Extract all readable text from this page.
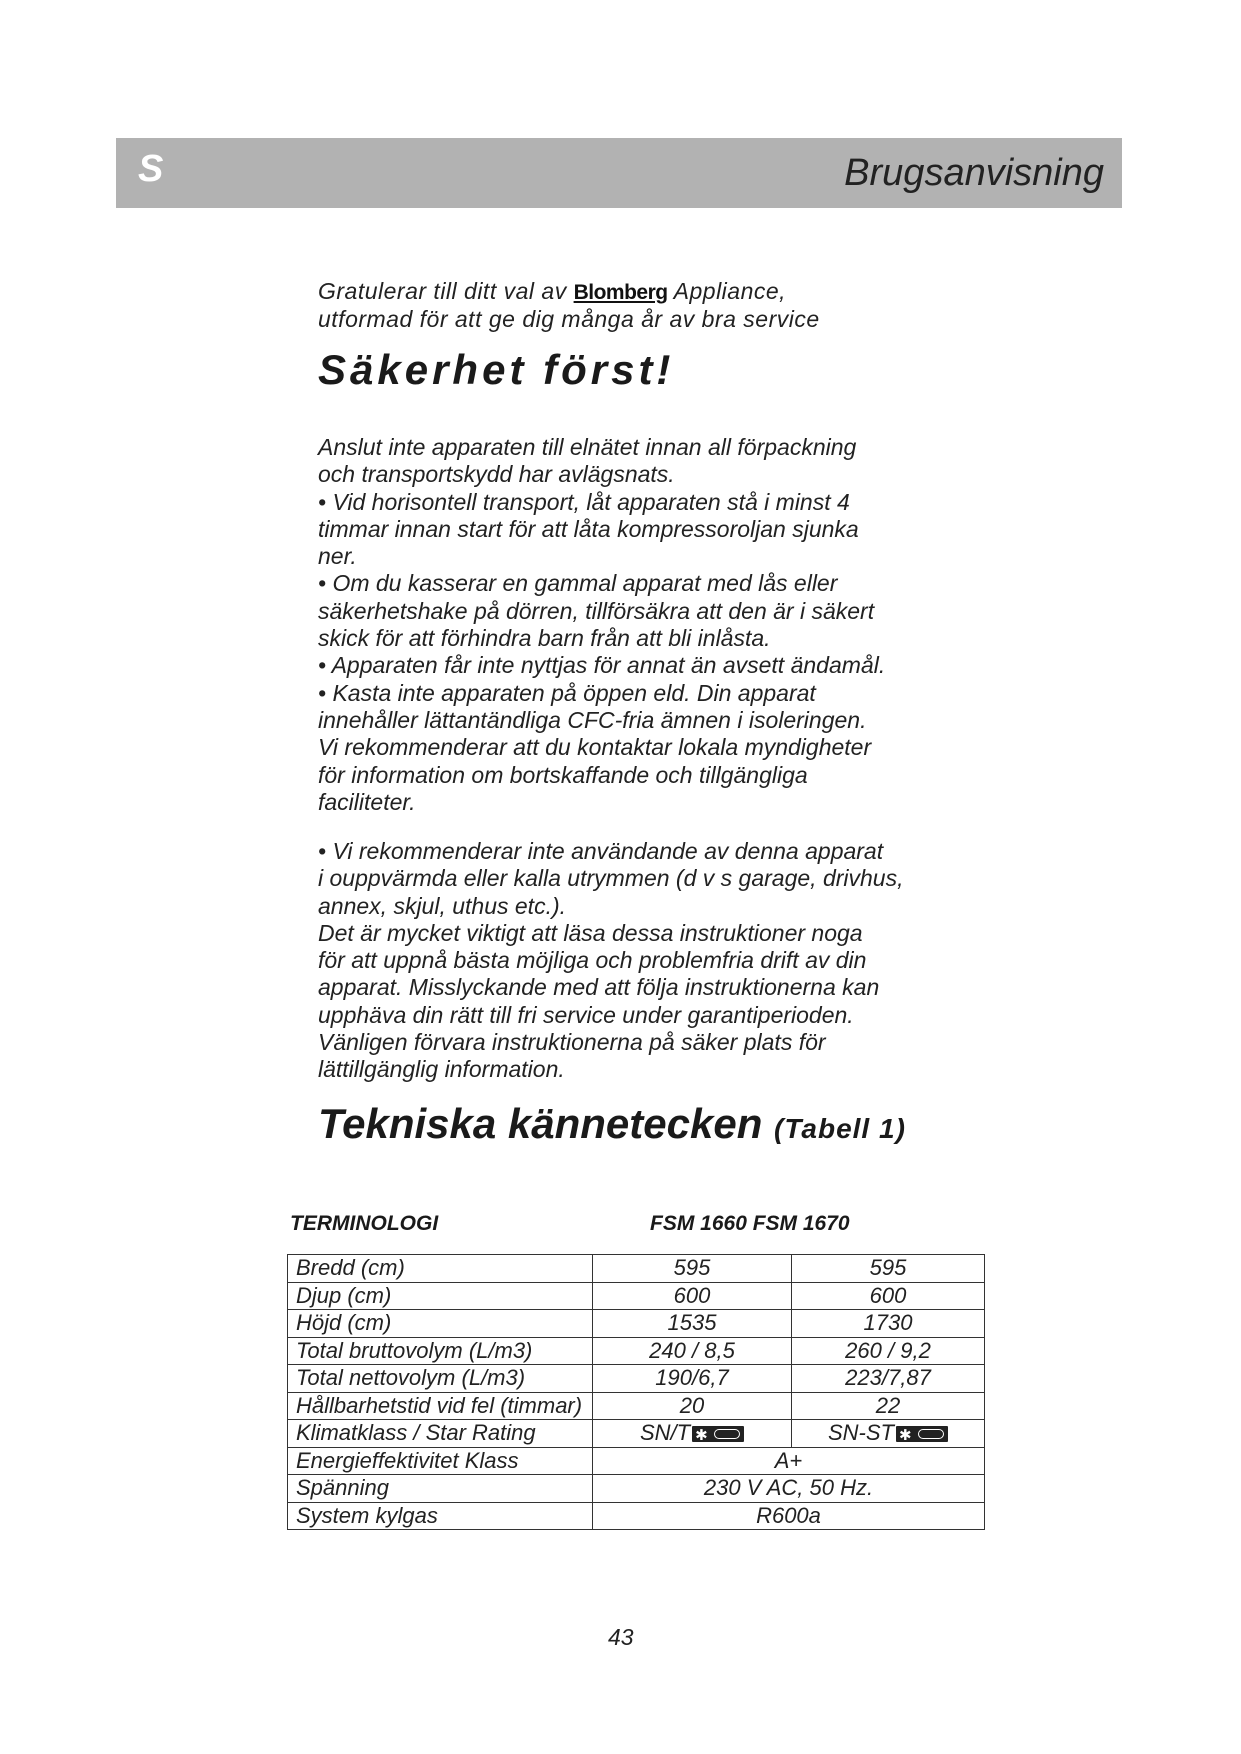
S	Brugsanvisning
Gratulerar till ditt val av Blomberg Appliance,
utformad för att ge dig många år av bra service
Säkerhet först!
Anslut inte apparaten till elnätet innan all förpackning
och transportskydd har avlägsnats.
• Vid horisontell transport, låt apparaten stå i minst 4
timmar innan start för att låta kompressoroljan sjunka
ner.
• Om du kasserar en gammal apparat med lås eller
säkerhetshake på dörren, tillförsäkra att den är i säkert
skick för att förhindra barn från att bli inlåsta.
• Apparaten får inte nyttjas för annat än avsett ändamål.
• Kasta inte apparaten på öppen eld. Din apparat
innehåller lättantändliga CFC-fria ämnen i isoleringen.
Vi rekommenderar att du kontaktar lokala myndigheter
för information om bortskaffande och tillgängliga
faciliteter.
• Vi rekommenderar inte användande av denna apparat
i ouppvärmda eller kalla utrymmen (d v s garage, drivhus,
annex, skjul, uthus etc.).
Det är mycket viktigt att läsa dessa instruktioner noga
för att uppnå bästa möjliga och problemfria drift av din
apparat. Misslyckande med att följa instruktionerna kan
upphäva din rätt till fri service under garantiperioden.
Vänligen förvara instruktionerna på säker plats för
lättillgänglig information.
Tekniska kännetecken (Tabell 1)
TERMINOLOGI	FSM 1660 FSM 1670
Bredd (cm)	595	595
Djup (cm)	600	600
Höjd (cm)	1535	1730
Total bruttovolym (L/m3)	240 / 8,5	260 / 9,2
Total nettovolym (L/m3)	190/6,7	223/7,87
Hållbarhetstid vid fel (timmar)	20	22
Klimatklass / Star Rating	SN/T ✱	SN-ST ✱

Energieffektivitet Klass	A+	
Spänning	230 V AC, 50 Hz.	
System kylgas	R600a	
43
